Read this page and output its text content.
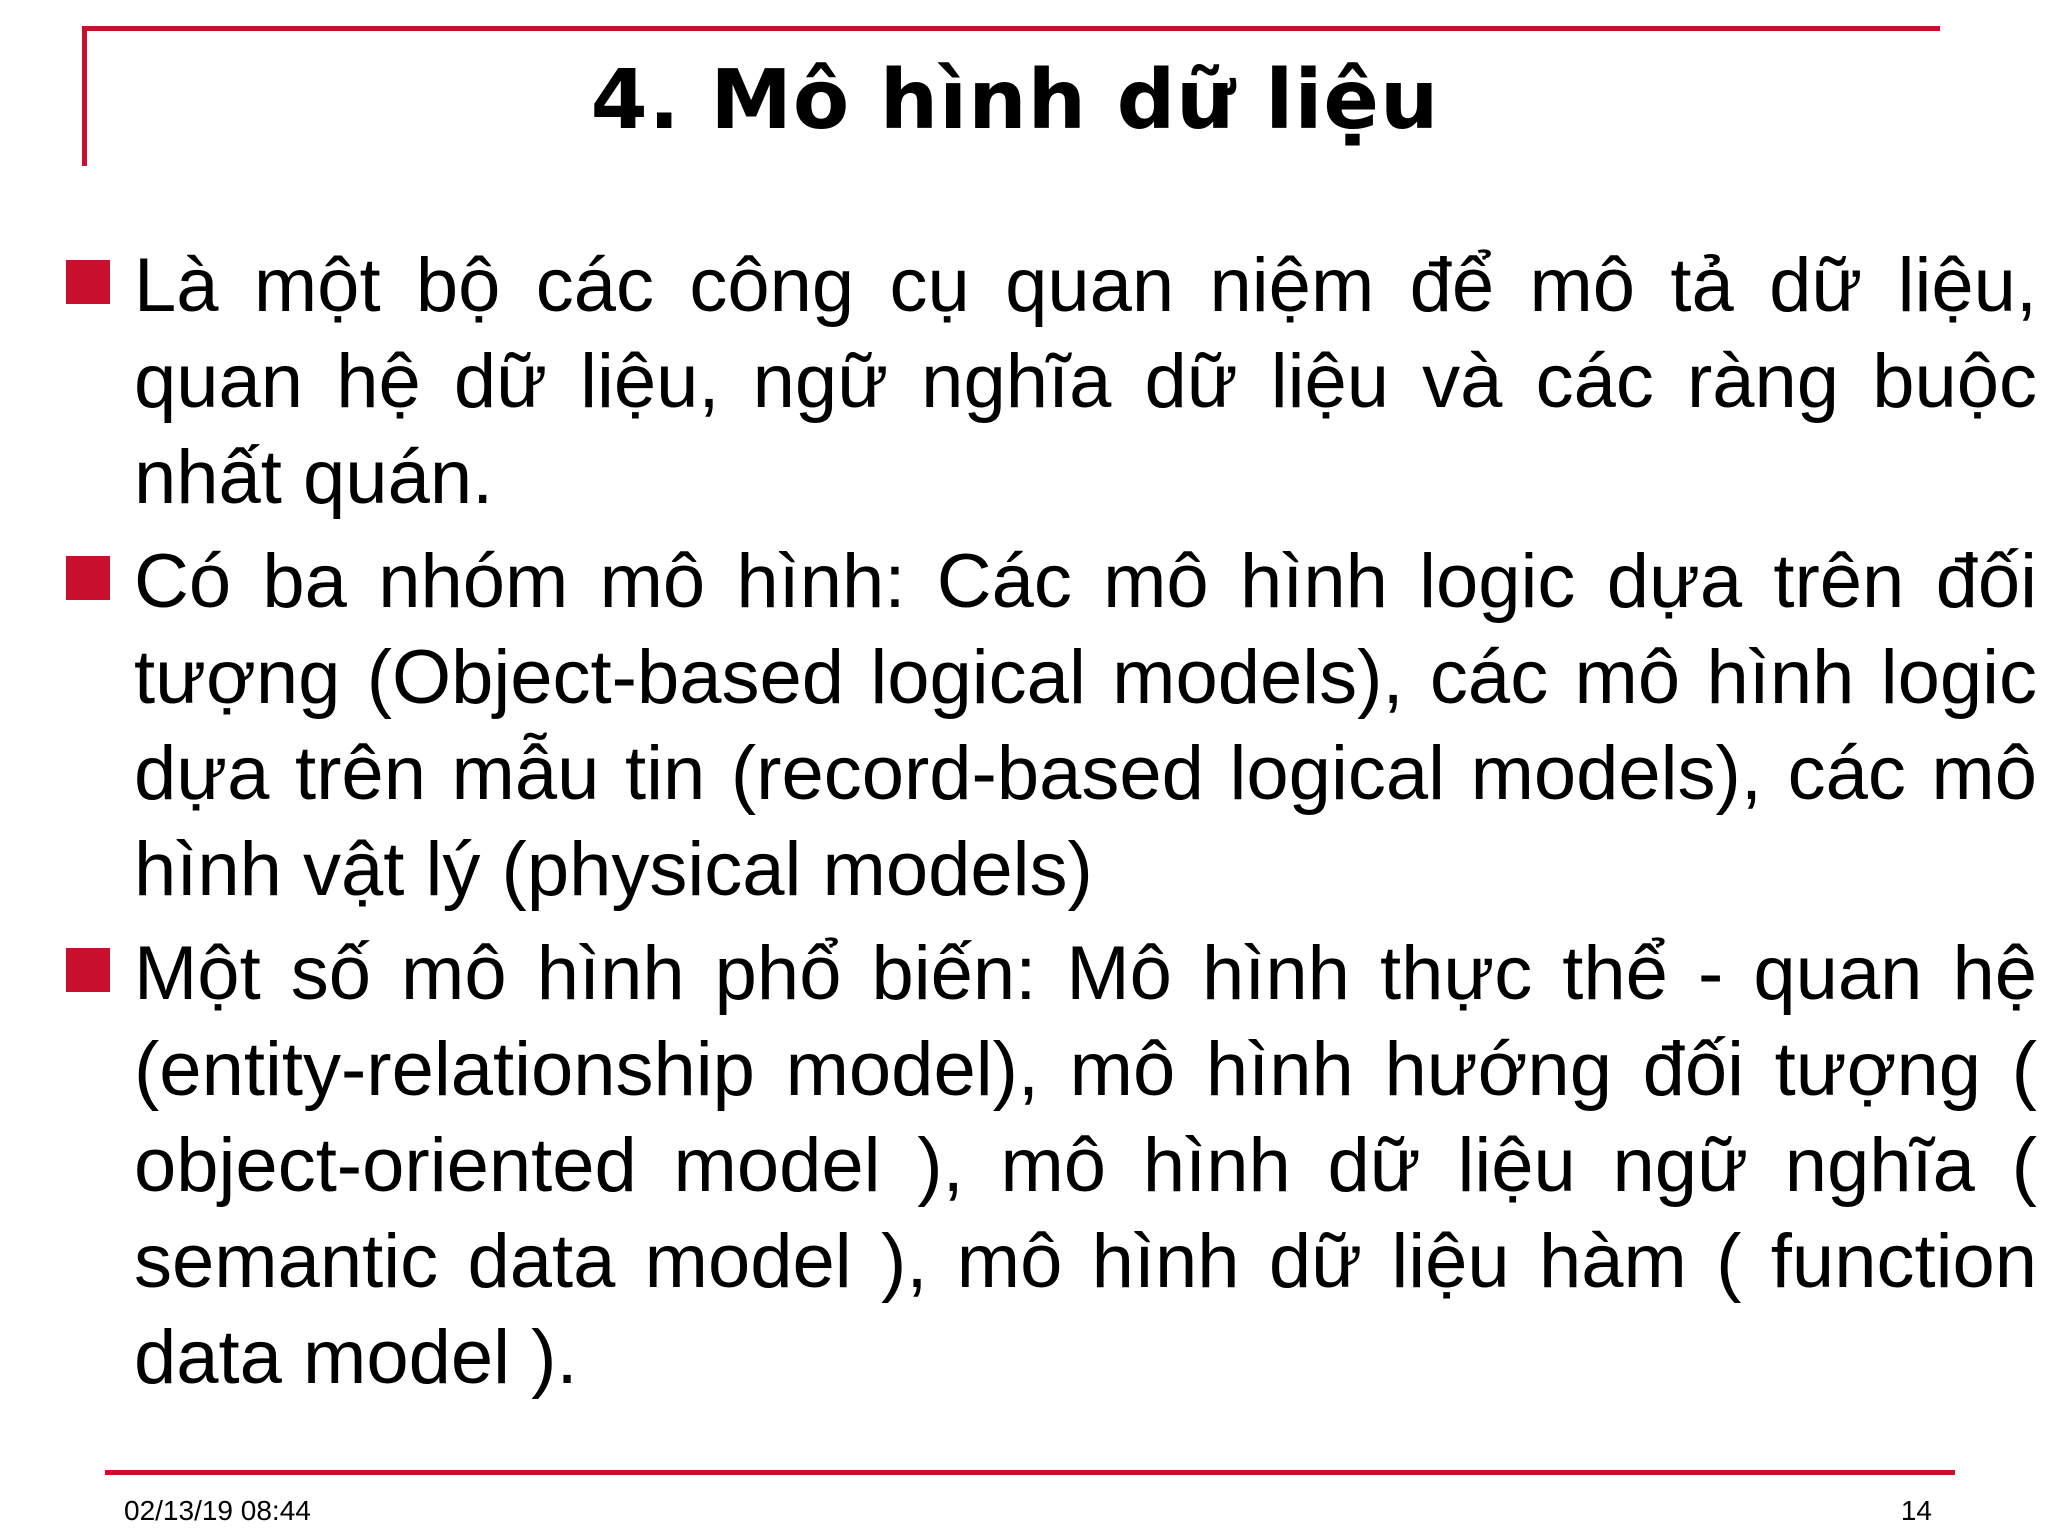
4. Mô hình dữ liệu
Là một bộ các công cụ quan niệm để mô tả dữ liệu, quan hệ dữ liệu, ngữ nghĩa dữ liệu và các ràng buộc nhất quán.
Có ba nhóm mô hình: Các mô hình logic dựa trên đối tượng (Object-based logical models), các mô hình logic dựa trên mẫu tin (record-based logical models), các mô hình vật lý (physical models)
Một số mô hình phổ biến: Mô hình thực thể - quan hệ (entity-relationship model), mô hình hướng đối tượng ( object-oriented model ), mô hình dữ liệu ngữ nghĩa ( semantic data model ), mô hình dữ liệu hàm ( function data model ).
02/13/19 08:44	14
